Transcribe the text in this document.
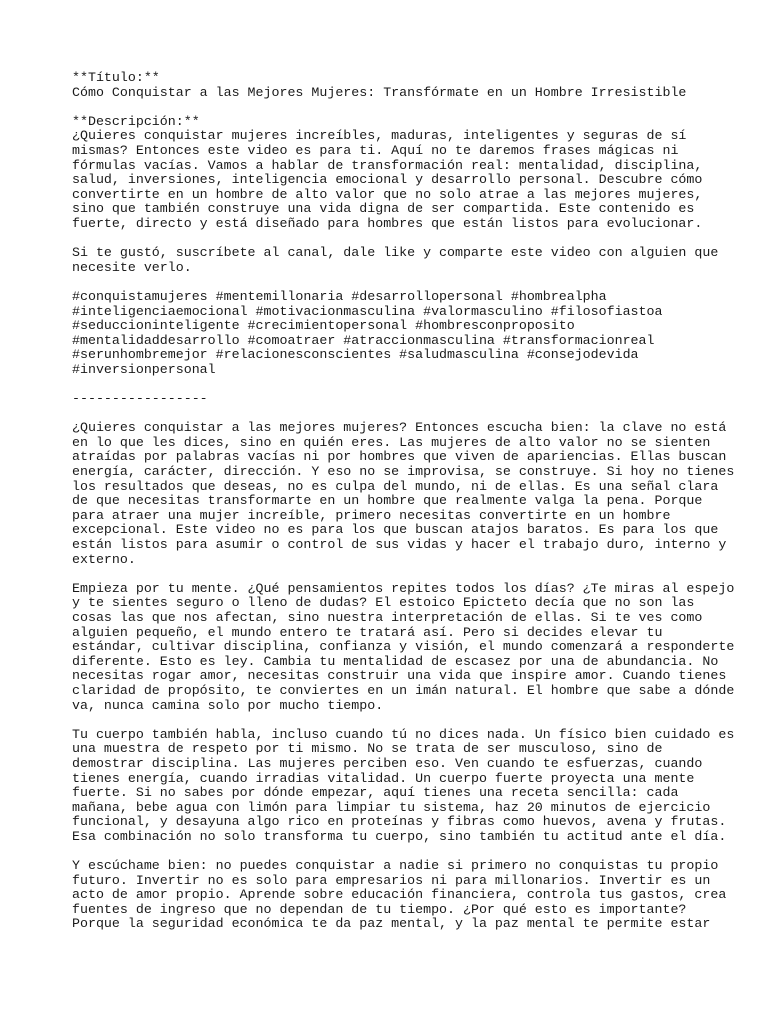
**Título:**
Cómo Conquistar a las Mejores Mujeres: Transfórmate en un Hombre Irresistible
**Descripción:**
¿Quieres conquistar mujeres increíbles, maduras, inteligentes y seguras de sí
mismas? Entonces este video es para ti. Aquí no te daremos frases mágicas ni
fórmulas vacías. Vamos a hablar de transformación real: mentalidad, disciplina,
salud, inversiones, inteligencia emocional y desarrollo personal. Descubre cómo
convertirte en un hombre de alto valor que no solo atrae a las mejores mujeres,
sino que también construye una vida digna de ser compartida. Este contenido es
fuerte, directo y está diseñado para hombres que están listos para evolucionar.
Si te gustó, suscríbete al canal, dale like y comparte este video con alguien que
necesite verlo.
#conquistamujeres #mentemillonaria #desarrollopersonal #hombrealpha
#inteligenciaemocional #motivacionmasculina #valormasculino #filosofiastoa
#seduccioninteligente #crecimientopersonal #hombresconproposito
#mentalidaddesarrollo #comoatraer #atraccionmasculina #transformacionreal
#serunhombremejor #relacionesconscientes #saludmasculina #consejodevida
#inversionpersonal
-----------------
¿Quieres conquistar a las mejores mujeres? Entonces escucha bien: la clave no está
en lo que les dices, sino en quién eres. Las mujeres de alto valor no se sienten
atraídas por palabras vacías ni por hombres que viven de apariencias. Ellas buscan
energía, carácter, dirección. Y eso no se improvisa, se construye. Si hoy no tienes
los resultados que deseas, no es culpa del mundo, ni de ellas. Es una señal clara
de que necesitas transformarte en un hombre que realmente valga la pena. Porque
para atraer una mujer increíble, primero necesitas convertirte en un hombre
excepcional. Este video no es para los que buscan atajos baratos. Es para los que
están listos para asumir o control de sus vidas y hacer el trabajo duro, interno y
externo.
Empieza por tu mente. ¿Qué pensamientos repites todos los días? ¿Te miras al espejo
y te sientes seguro o lleno de dudas? El estoico Epicteto decía que no son las
cosas las que nos afectan, sino nuestra interpretación de ellas. Si te ves como
alguien pequeño, el mundo entero te tratará así. Pero si decides elevar tu
estándar, cultivar disciplina, confianza y visión, el mundo comenzará a responderte
diferente. Esto es ley. Cambia tu mentalidad de escasez por una de abundancia. No
necesitas rogar amor, necesitas construir una vida que inspire amor. Cuando tienes
claridad de propósito, te conviertes en un imán natural. El hombre que sabe a dónde
va, nunca camina solo por mucho tiempo.
Tu cuerpo también habla, incluso cuando tú no dices nada. Un físico bien cuidado es
una muestra de respeto por ti mismo. No se trata de ser musculoso, sino de
demostrar disciplina. Las mujeres perciben eso. Ven cuando te esfuerzas, cuando
tienes energía, cuando irradias vitalidad. Un cuerpo fuerte proyecta una mente
fuerte. Si no sabes por dónde empezar, aquí tienes una receta sencilla: cada
mañana, bebe agua con limón para limpiar tu sistema, haz 20 minutos de ejercicio
funcional, y desayuna algo rico en proteínas y fibras como huevos, avena y frutas.
Esa combinación no solo transforma tu cuerpo, sino también tu actitud ante el día.
Y escúchame bien: no puedes conquistar a nadie si primero no conquistas tu propio
futuro. Invertir no es solo para empresarios ni para millonarios. Invertir es un
acto de amor propio. Aprende sobre educación financiera, controla tus gastos, crea
fuentes de ingreso que no dependan de tu tiempo. ¿Por qué esto es importante?
Porque la seguridad económica te da paz mental, y la paz mental te permite estar
